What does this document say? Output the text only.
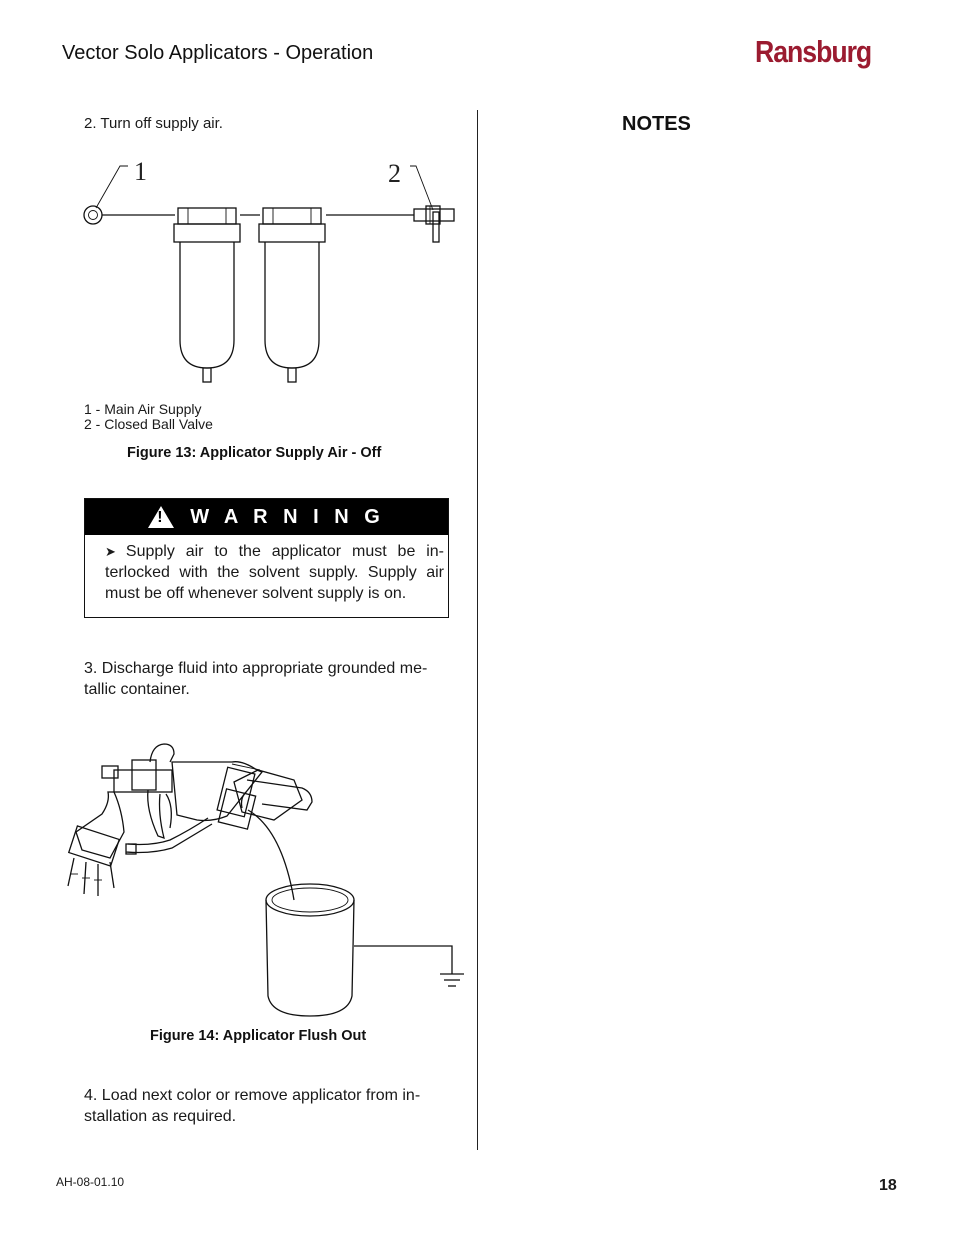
Vector Solo Applicators - Operation	Ransburg
2. Turn off supply air.
1	2
1 - Main Air Supply
2 - Closed Ball Valve
Figure 13: Applicator Supply Air - Off
! W A R N I N G
➤ Supply air to the applicator must be in-terlocked with the solvent supply. Supply air must be off whenever solvent supply is on.
3. Discharge fluid into appropriate grounded me-tallic container.
Figure 14: Applicator Flush Out
4. Load next color or remove applicator from in-stallation as required.
NOTES
AH-08-01.10	18
